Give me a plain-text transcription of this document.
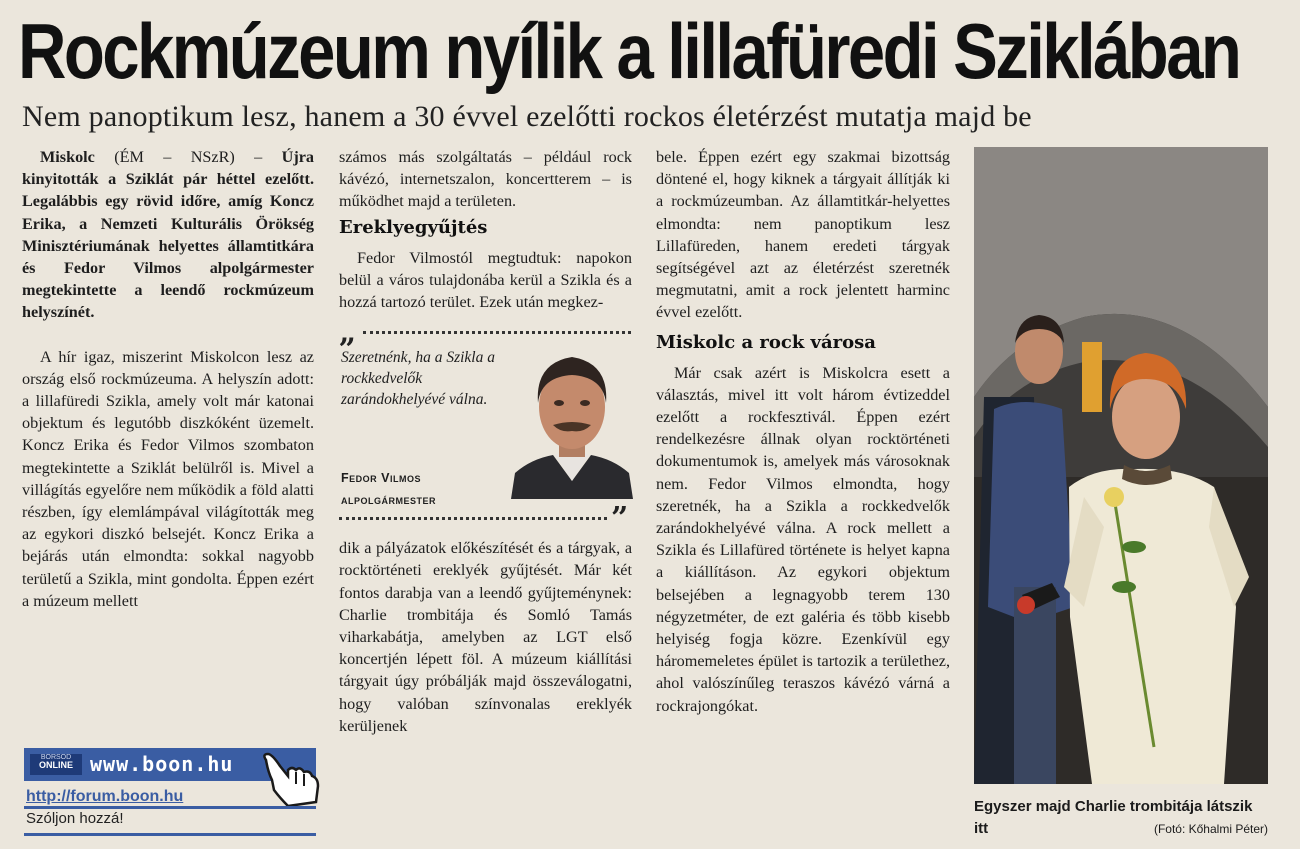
Rockmúzeum nyílik a lillafüredi Sziklában
Nem panoptikum lesz, hanem a 30 évvel ezelőtti rockos életérzést mutatja majd be

Miskolc (ÉM – NSzR) – Újra kinyitották a Sziklát pár héttel ezelőtt. Legalábbis egy rövid időre, amíg Koncz Erika, a Nemzeti Kulturális Örökség Minisztériumának helyettes államtitkára és Fedor Vilmos alpolgármester megtekintette a leendő rockmúzeum helyszínét.

A hír igaz, miszerint Miskolcon lesz az ország első rockmúzeuma. A helyszín adott: a lillafüredi Szikla, amely volt már katonai objektum és legutóbb diszkóként üzemelt. Koncz Erika és Fedor Vilmos szombaton megtekintette a Sziklát belülről is. Mivel a villágítás egyelőre nem működik a föld alatti részben, így elemlámpával világították meg az egykori diszkó belsejét. Koncz Erika a bejárás után elmondta: sokkal nagyobb területű a Szikla, mint gondolta. Éppen ezért a múzeum mellett

számos más szolgáltatás – például rock kávézó, internetszalon, koncertterem – is működhet majd a területen.

Ereklyegyűjtés

Fedor Vilmostól megtudtuk: napokon belül a város tulajdonába kerül a Szikla és a hozzá tartozó terület. Ezek után megkez-

„
Szeretnénk, ha a Szikla a rockkedvelők zarándokhelyévé válna.
Fedor Vilmos
alpolgármester
”

dik a pályázatok előkészítését és a tárgyak, a rocktörténeti ereklyék gyűjtését. Már két fontos darabja van a leendő gyűjteménynek: Charlie trombitája és Somló Tamás viharkabátja, amelyben az LGT első koncertjén lépett föl. A múzeum kiállítási tárgyait úgy próbálják majd összeválogatni, hogy valóban színvonalas ereklyék kerüljenek

bele. Éppen ezért egy szakmai bizottság döntené el, hogy kiknek a tárgyait állítják ki a rockmúzeumban. Az államtitkár-helyettes elmondta: nem panoptikum lesz Lillafüreden, hanem eredeti tárgyak segítségével azt az életérzést szeretnék megmutatni, amit a rock jelentett harminc évvel ezelőtt.

Miskolc a rock városa

Már csak azért is Miskolcra esett a választás, mivel itt volt három évtizeddel ezelőtt a rockfesztivál. Éppen ezért rendelkezésre állnak olyan rocktörténeti dokumentumok is, amelyek más városoknak nem. Fedor Vilmos elmondta, hogy szeretnék, ha a Szikla a rockkedvelők zarándokhelyévé válna. A rock mellett a Szikla és Lillafüred története is helyet kapna a kiállításon. Az egykori objektum belsejében a legnagyobb terem 130 négyzetméter, de ezt galéria és több kisebb helyiség fogja közre. Ezenkívül egy háromemeletes épület is tartozik a területhez, ahol valószínűleg teraszos kávézó várná a rockrajongókat.

Egyszer majd Charlie trombitája látszik itt	(Fotó: Kőhalmi Péter)
BORSOD
ONLINE www.boon.hu
http://forum.boon.hu
Szóljon hozzá!
